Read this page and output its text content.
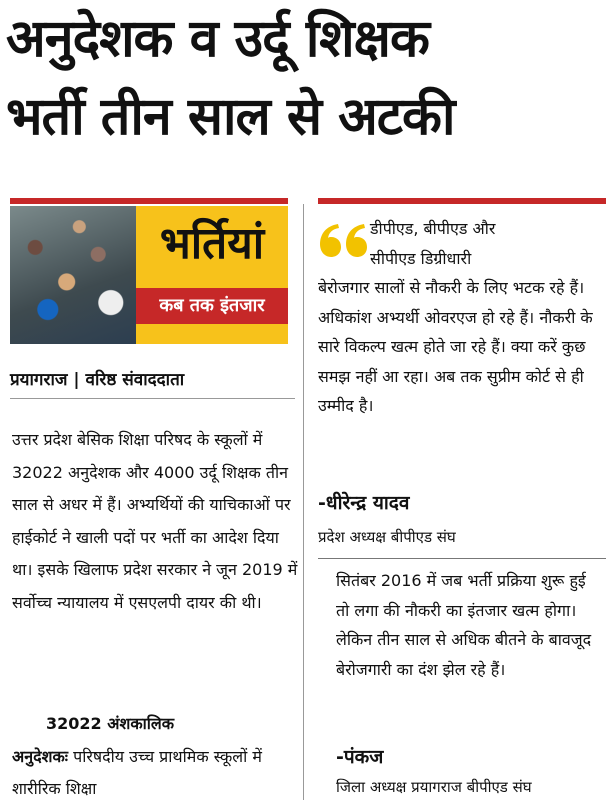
अनुदेशक व उर्दू शिक्षक
भर्ती तीन साल से अटकी
भर्तियां
कब तक इंतजार
प्रयागराज | वरिष्ठ संवाददाता

उत्तर प्रदेश बेसिक शिक्षा परिषद के स्कूलों में 32022 अनुदेशक और 4000 उर्दू शिक्षक तीन साल से अधर में हैं। अभ्यर्थियों की याचिकाओं पर हाईकोर्ट ने खाली पदों पर भर्ती का आदेश दिया था। इसके खिलाफ प्रदेश सरकार ने जून 2019 में सर्वोच्च न्यायालय में एसएलपी दायर की थी।

32022 अंशकालिक
अनुदेशकः परिषदीय उच्च प्राथमिक स्कूलों में शारीरिक शिक्षा

डीपीएड, बीपीएड और
सीपीएड डिग्रीधारी
बेरोजगार सालों से नौकरी के लिए भटक रहे हैं। अधिकांश अभ्यर्थी ओवरएज हो रहे हैं। नौकरी के सारे विकल्प खत्म होते जा रहे हैं। क्या करें कुछ समझ नहीं आ रहा। अब तक सुप्रीम कोर्ट से ही उम्मीद है।

-धीरेन्द्र यादव
प्रदेश अध्यक्ष बीपीएड संघ

सितंबर 2016 में जब भर्ती प्रक्रिया शुरू हुई तो लगा की नौकरी का इंतजार खत्म होगा। लेकिन तीन साल से अधिक बीतने के बावजूद बेरोजगारी का दंश झेल रहे हैं।

-पंकज
जिला अध्यक्ष प्रयागराज बीपीएड संघ
